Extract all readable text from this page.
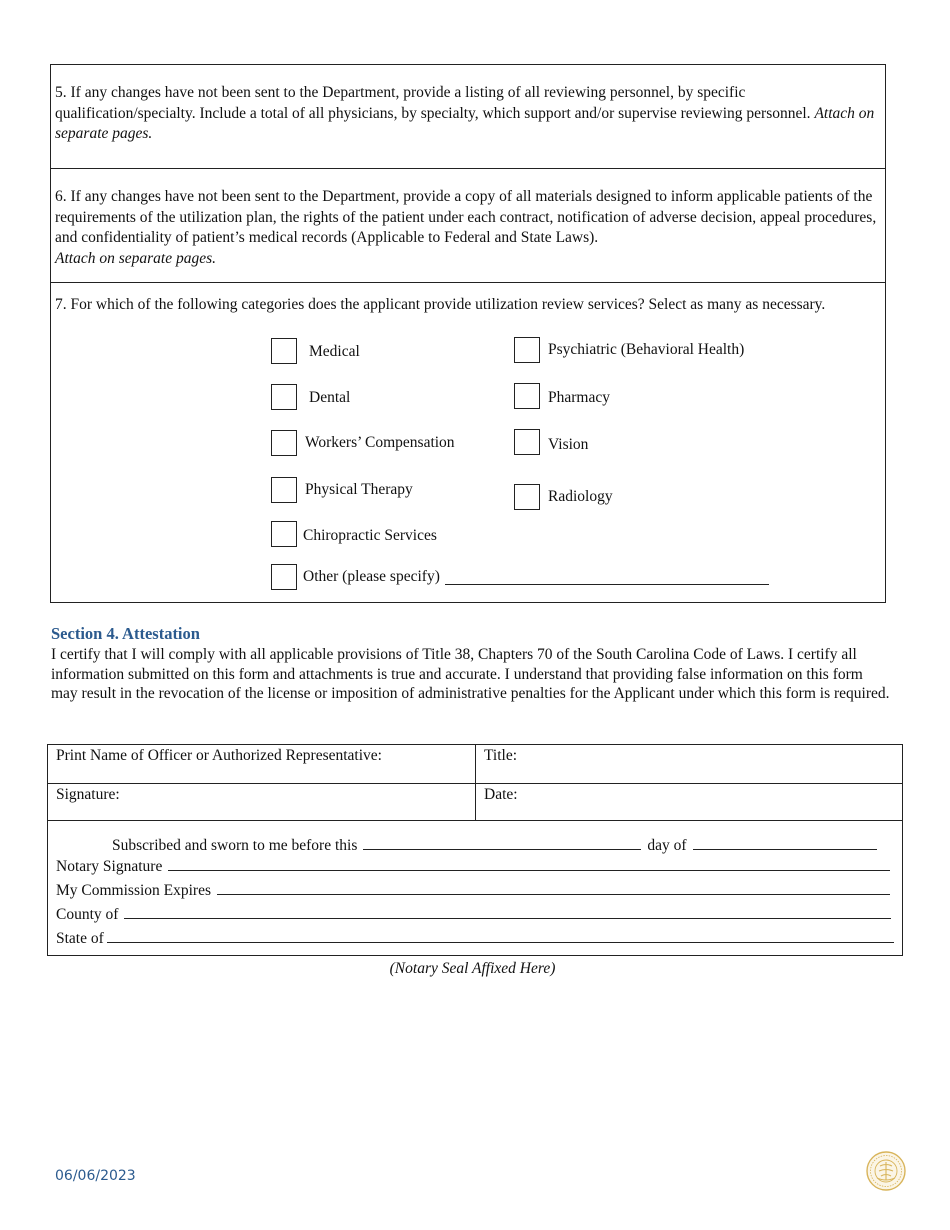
5. If any changes have not been sent to the Department, provide a listing of all reviewing personnel, by specific qualification/specialty. Include a total of all physicians, by specialty, which support and/or supervise reviewing personnel. Attach on separate pages.

6. If any changes have not been sent to the Department, provide a copy of all materials designed to inform applicable patients of the requirements of the utilization plan, the rights of the patient under each contract, notification of adverse decision, appeal procedures, and confidentiality of patient’s medical records (Applicable to Federal and State Laws).
Attach on separate pages.

7. For which of the following categories does the applicant provide utilization review services? Select as many as necessary.

Medical
Dental
Workers’ Compensation
Physical Therapy
Chiropractic Services
Other (please specify)
Psychiatric (Behavioral Health)
Pharmacy
Vision
Radiology
Section 4. Attestation

I certify that I will comply with all applicable provisions of Title 38, Chapters 70 of the South Carolina Code of Laws. I certify all information submitted on this form and attachments is true and accurate. I understand that providing false information on this form may result in the revocation of the license or imposition of administrative penalties for the Applicant under which this form is required.

Print Name of Officer or Authorized Representative:	Title:
Signature:	Date:
Subscribed and sworn to me before this	day of
Notary Signature
My Commission Expires
County of
State of
(Notary Seal Affixed Here)
06/06/2023
